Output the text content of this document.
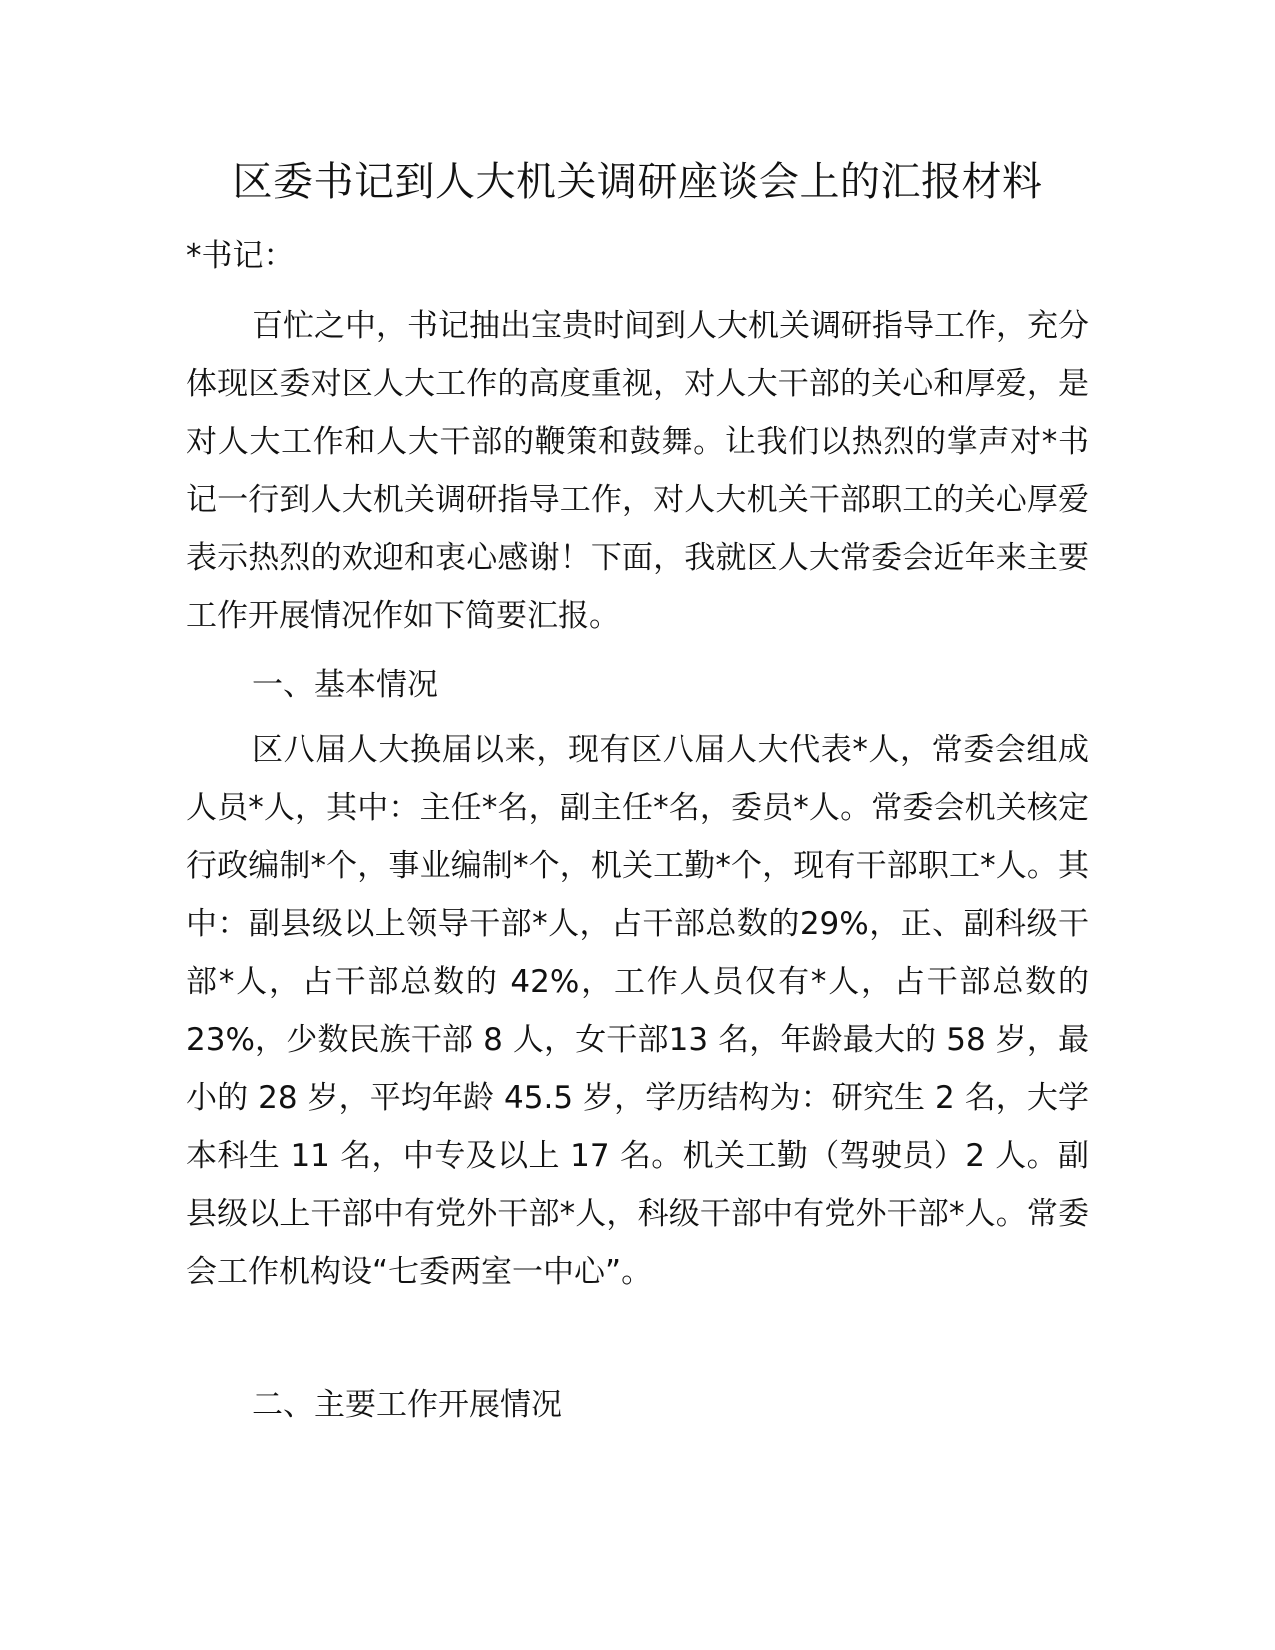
区委书记到人大机关调研座谈会上的汇报材料

*书记：

百忙之中，书记抽出宝贵时间到人大机关调研指导工作，充分体现区委对区人大工作的高度重视，对人大干部的关心和厚爱，是对人大工作和人大干部的鞭策和鼓舞。让我们以热烈的掌声对*书记一行到人大机关调研指导工作，对人大机关干部职工的关心厚爱表示热烈的欢迎和衷心感谢！下面，我就区人大常委会近年来主要工作开展情况作如下简要汇报。

一、基本情况

区八届人大换届以来，现有区八届人大代表*人，常委会组成人员*人，其中：主任*名，副主任*名，委员*人。常委会机关核定行政编制*个，事业编制*个，机关工勤*个，现有干部职工*人。其中：副县级以上领导干部*人，占干部总数的29%，正、副科级干部*人，占干部总数的 42%，工作人员仅有*人，占干部总数的 23%，少数民族干部 8 人，女干部13 名，年龄最大的 58 岁，最小的 28 岁，平均年龄 45.5 岁，学历结构为：研究生 2 名，大学本科生 11 名，中专及以上 17 名。机关工勤（驾驶员）2 人。副县级以上干部中有党外干部*人，科级干部中有党外干部*人。常委会工作机构设“七委两室一中心”。

二、主要工作开展情况
